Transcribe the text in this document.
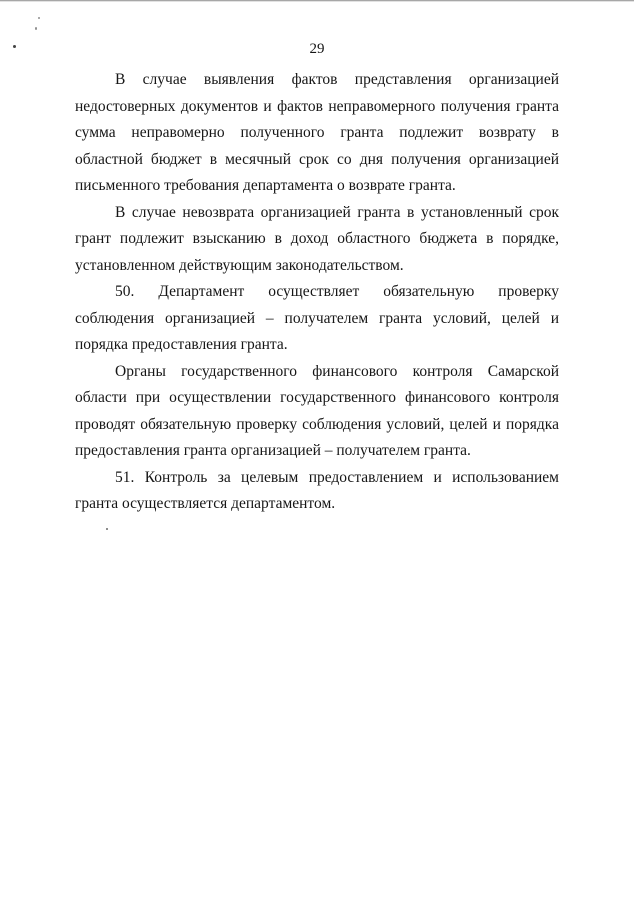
29

В случае выявления фактов представления организацией недостоверных документов и фактов неправомерного получения гранта сумма неправомерно полученного гранта подлежит возврату в областной бюджет в месячный срок со дня получения организацией письменного требования департамента о возврате гранта.

В случае невозврата организацией гранта в установленный срок грант подлежит взысканию в доход областного бюджета в порядке, установленном действующим законодательством.

50. Департамент осуществляет обязательную проверку соблюдения организацией – получателем гранта условий, целей и порядка предоставления гранта.

Органы государственного финансового контроля Самарской области при осуществлении государственного финансового контроля проводят обязательную проверку соблюдения условий, целей и порядка предоставления гранта организацией – получателем гранта.

51. Контроль за целевым предоставлением и использованием гранта осуществляется департаментом.
